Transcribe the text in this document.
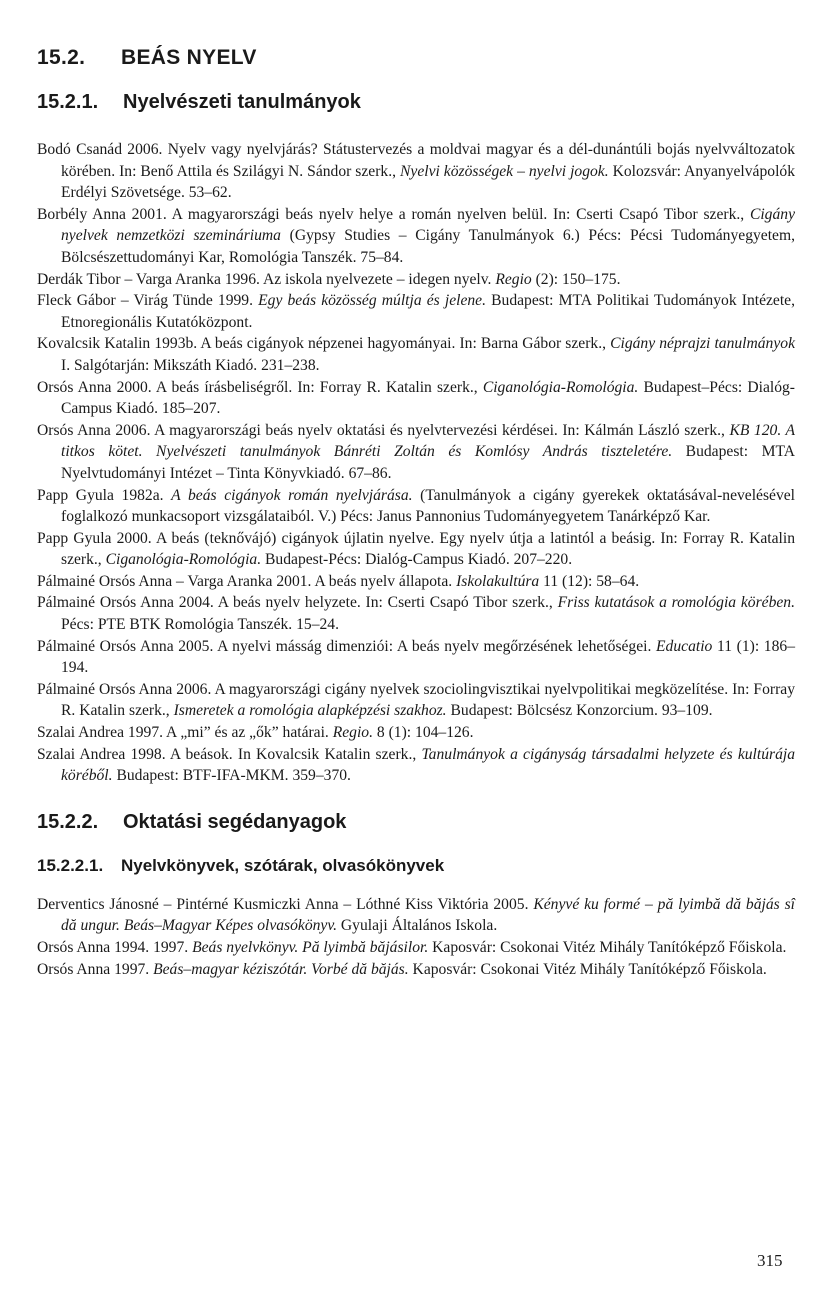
15.2. BEÁS NYELV
15.2.1. Nyelvészeti tanulmányok

Bodó Csanád 2006. Nyelv vagy nyelvjárás? Státustervezés a moldvai magyar és a dél-dunántúli bojás nyelvváltozatok körében. In: Benő Attila és Szilágyi N. Sándor szerk., Nyelvi közösségek – nyelvi jogok. Kolozsvár: Anyanyelvápolók Erdélyi Szövetsége. 53–62.

Borbély Anna 2001. A magyarországi beás nyelv helye a román nyelven belül. In: Cserti Csapó Tibor szerk., Cigány nyelvek nemzetközi szemináriuma (Gypsy Studies – Cigány Tanulmányok 6.) Pécs: Pécsi Tudományegyetem, Bölcsészettudományi Kar, Romológia Tanszék. 75–84.

Derdák Tibor – Varga Aranka 1996. Az iskola nyelvezete – idegen nyelv. Regio (2): 150–175.

Fleck Gábor – Virág Tünde 1999. Egy beás közösség múltja és jelene. Budapest: MTA Politikai Tudományok Intézete, Etnoregionális Kutatóközpont.

Kovalcsik Katalin 1993b. A beás cigányok népzenei hagyományai. In: Barna Gábor szerk., Cigány néprajzi tanulmányok I. Salgótarján: Mikszáth Kiadó. 231–238.

Orsós Anna 2000. A beás írásbeliségről. In: Forray R. Katalin szerk., Ciganológia-Romológia. Budapest–Pécs: Dialóg-Campus Kiadó. 185–207.

Orsós Anna 2006. A magyarországi beás nyelv oktatási és nyelvtervezési kérdései. In: Kálmán László szerk., KB 120. A titkos kötet. Nyelvészeti tanulmányok Bánréti Zoltán és Komlósy András tiszteletére. Budapest: MTA Nyelvtudományi Intézet – Tinta Könyvkiadó. 67–86.

Papp Gyula 1982a. A beás cigányok román nyelvjárása. (Tanulmányok a cigány gyerekek oktatásával-nevelésével foglalkozó munkacsoport vizsgálataiból. V.) Pécs: Janus Pannonius Tudományegyetem Tanárképző Kar.

Papp Gyula 2000. A beás (teknővájó) cigányok újlatin nyelve. Egy nyelv útja a latintól a beásig. In: Forray R. Katalin szerk., Ciganológia-Romológia. Budapest-Pécs: Dialóg-Campus Kiadó. 207–220.

Pálmainé Orsós Anna – Varga Aranka 2001. A beás nyelv állapota. Iskolakultúra 11 (12): 58–64.

Pálmainé Orsós Anna 2004. A beás nyelv helyzete. In: Cserti Csapó Tibor szerk., Friss kutatások a romológia körében. Pécs: PTE BTK Romológia Tanszék. 15–24.

Pálmainé Orsós Anna 2005. A nyelvi másság dimenziói: A beás nyelv megőrzésének lehetőségei. Educatio 11 (1): 186–194.

Pálmainé Orsós Anna 2006. A magyarországi cigány nyelvek szociolingvisztikai nyelvpolitikai megközelítése. In: Forray R. Katalin szerk., Ismeretek a romológia alapképzési szakhoz. Budapest: Bölcsész Konzorcium. 93–109.

Szalai Andrea 1997. A „mi” és az „ők” határai. Regio. 8 (1): 104–126.

Szalai Andrea 1998. A beások. In Kovalcsik Katalin szerk., Tanulmányok a cigányság társadalmi helyzete és kultúrája köréből. Budapest: BTF-IFA-MKM. 359–370.

15.2.2. Oktatási segédanyagok
15.2.2.1. Nyelvkönyvek, szótárak, olvasókönyvek

Derventics Jánosné – Pintérné Kusmiczki Anna – Lóthné Kiss Viktória 2005. Kényvé ku formé – pă lyimbă dă băjás sî dă ungur. Beás–Magyar Képes olvasókönyv. Gyulaji Általános Iskola.

Orsós Anna 1994. 1997. Beás nyelvkönyv. Pă lyimbă băjásilor. Kaposvár: Csokonai Vitéz Mihály Tanítóképző Főiskola.

Orsós Anna 1997. Beás–magyar kéziszótár. Vorbé dă băjás. Kaposvár: Csokonai Vitéz Mihály Tanítóképző Főiskola.

315
